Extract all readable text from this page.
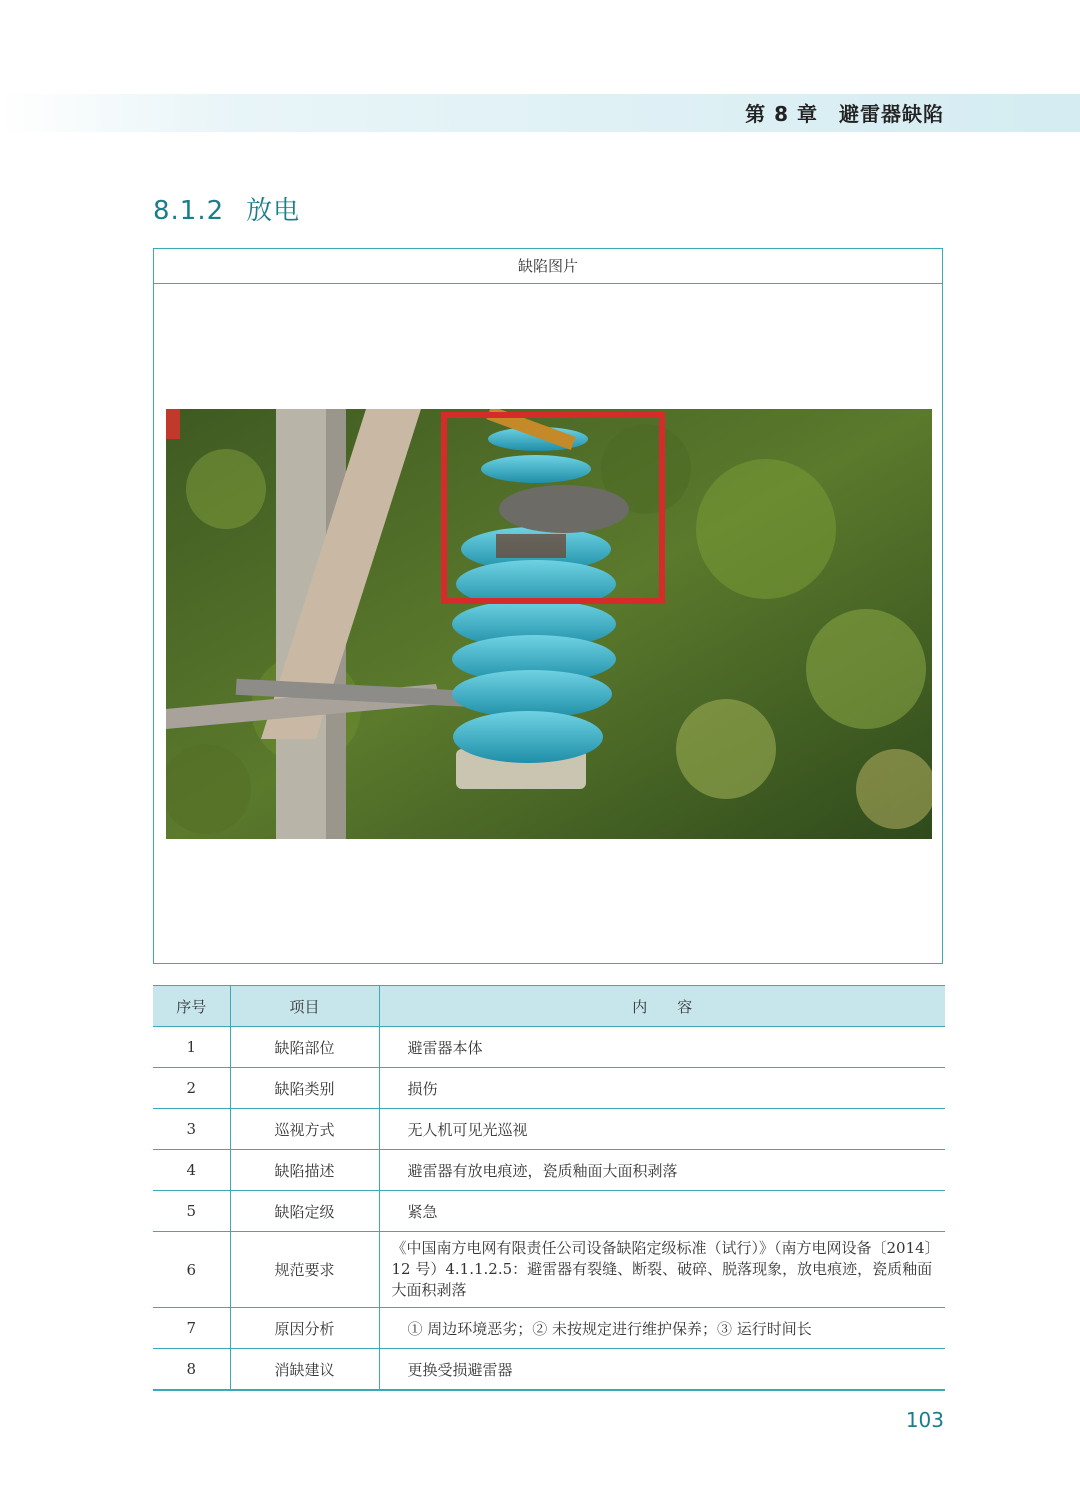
第 8 章　避雷器缺陷
8.1.2 放电
缺陷图片
序号	项目	内　　容
1	缺陷部位	避雷器本体
2	缺陷类别	损伤
3	巡视方式	无人机可见光巡视
4	缺陷描述	避雷器有放电痕迹，瓷质釉面大面积剥落
5	缺陷定级	紧急
6	规范要求	《中国南方电网有限责任公司设备缺陷定级标准（试行）》（南方电网设备〔2014〕12 号）4.1.1.2.5：避雷器有裂缝、断裂、破碎、脱落现象，放电痕迹，瓷质釉面大面积剥落
7	原因分析	① 周边环境恶劣；② 未按规定进行维护保养；③ 运行时间长
8	消缺建议	更换受损避雷器
103
